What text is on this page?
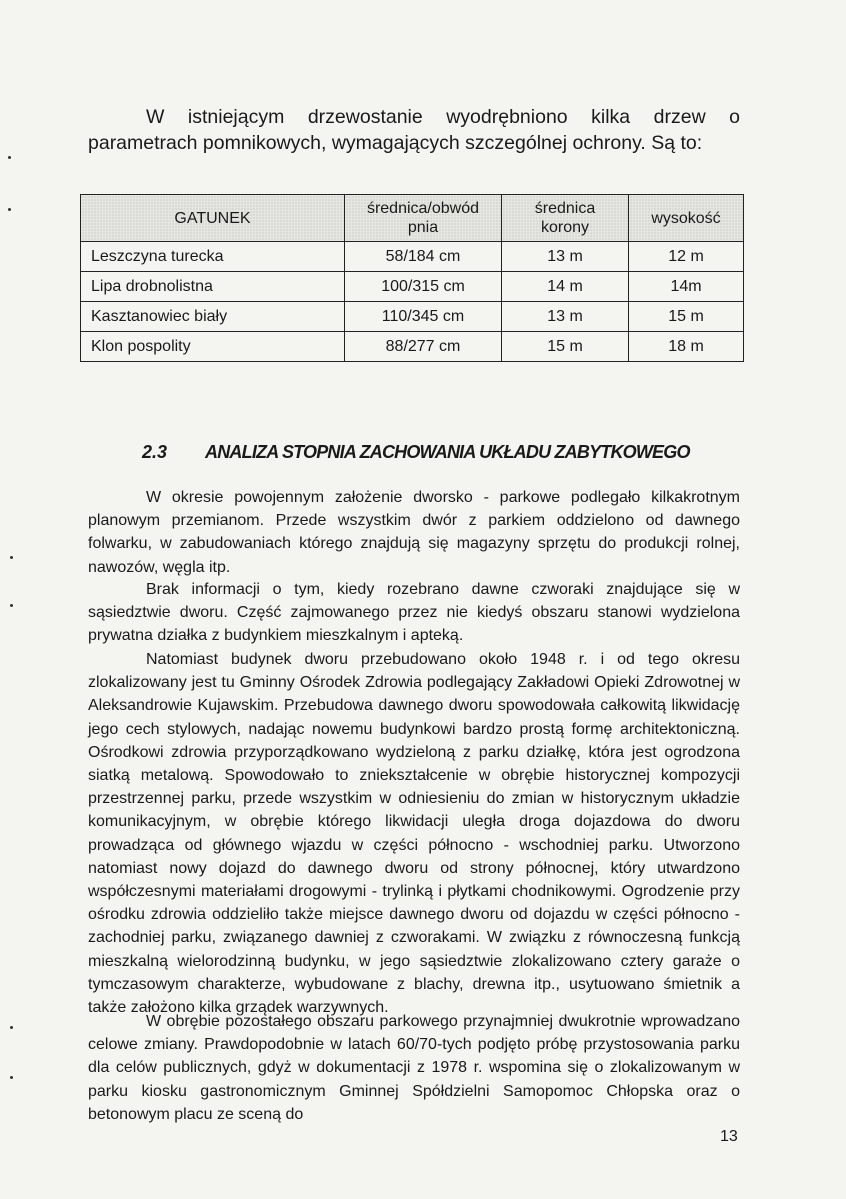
W istniejącym drzewostanie wyodrębniono kilka drzew o parametrach pomnikowych, wymagających szczególnej ochrony. Są to:

GATUNEK	średnica/obwód pnia	średnica korony	wysokość
Leszczyna turecka	58/184 cm	13 m	12 m
Lipa drobnolistna	100/315 cm	14 m	14m
Kasztanowiec biały	110/345 cm	13 m	15 m
Klon pospolity	88/277 cm	15 m	18 m
2.3 ANALIZA STOPNIA ZACHOWANIA UKŁADU ZABYTKOWEGO

W okresie powojennym założenie dworsko - parkowe podlegało kilkakrotnym planowym przemianom. Przede wszystkim dwór z parkiem oddzielono od dawnego folwarku, w zabudowaniach którego znajdują się magazyny sprzętu do produkcji rolnej, nawozów, węgla itp.

Brak informacji o tym, kiedy rozebrano dawne czworaki znajdujące się w sąsiedztwie dworu. Część zajmowanego przez nie kiedyś obszaru stanowi wydzielona prywatna działka z budynkiem mieszkalnym i apteką.

Natomiast budynek dworu przebudowano około 1948 r. i od tego okresu zlokalizowany jest tu Gminny Ośrodek Zdrowia podlegający Zakładowi Opieki Zdrowotnej w Aleksandrowie Kujawskim. Przebudowa dawnego dworu spowodowała całkowitą likwidację jego cech stylowych, nadając nowemu budynkowi bardzo prostą formę architektoniczną. Ośrodkowi zdrowia przyporządkowano wydzieloną z parku działkę, która jest ogrodzona siatką metalową. Spowodowało to zniekształcenie w obrębie historycznej kompozycji przestrzennej parku, przede wszystkim w odniesieniu do zmian w historycznym układzie komunikacyjnym, w obrębie którego likwidacji uległa droga dojazdowa do dworu prowadząca od głównego wjazdu w części północno - wschodniej parku. Utworzono natomiast nowy dojazd do dawnego dworu od strony północnej, który utwardzono współczesnymi materiałami drogowymi - trylinką i płytkami chodnikowymi. Ogrodzenie przy ośrodku zdrowia oddzieliło także miejsce dawnego dworu od dojazdu w części północno - zachodniej parku, związanego dawniej z czworakami. W związku z równoczesną funkcją mieszkalną wielorodzinną budynku, w jego sąsiedztwie zlokalizowano cztery garaże o tymczasowym charakterze, wybudowane z blachy, drewna itp., usytuowano śmietnik a także założono kilka grządek warzywnych.

W obrębie pozostałego obszaru parkowego przynajmniej dwukrotnie wprowadzano celowe zmiany. Prawdopodobnie w latach 60/70-tych podjęto próbę przystosowania parku dla celów publicznych, gdyż w dokumentacji z 1978 r. wspomina się o zlokalizowanym w parku kiosku gastronomicznym Gminnej Spółdzielni Samopomoc Chłopska oraz o betonowym placu ze sceną do

13
